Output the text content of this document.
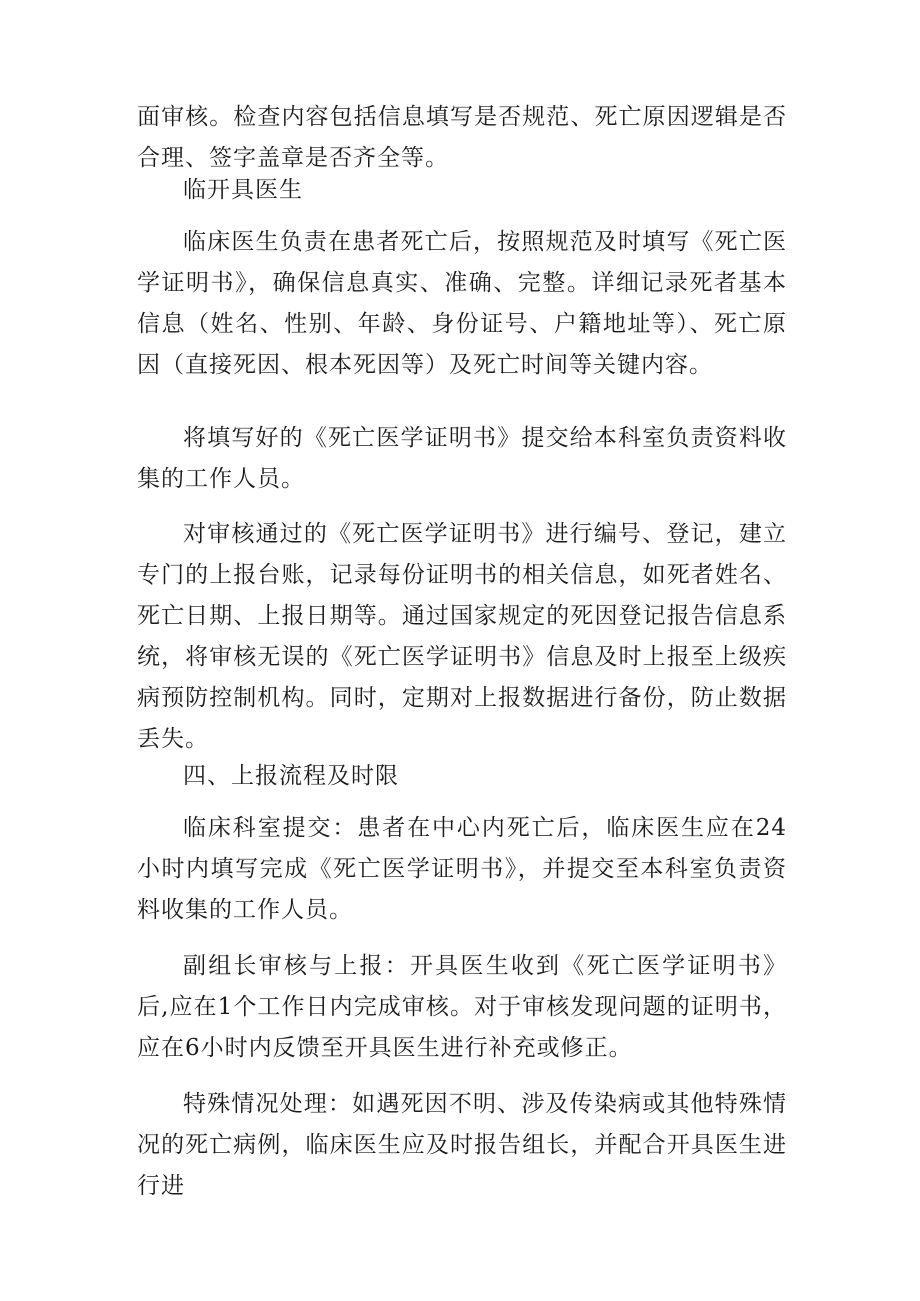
面审核。检查内容包括信息填写是否规范、死亡原因逻辑是否合理、签字盖章是否齐全等。

临开具医生

临床医生负责在患者死亡后，按照规范及时填写《死亡医学证明书》，确保信息真实、准确、完整。详细记录死者基本信息（姓名、性别、年龄、身份证号、户籍地址等）、死亡原因（直接死因、根本死因等）及死亡时间等关键内容。

将填写好的《死亡医学证明书》提交给本科室负责资料收集的工作人员。

对审核通过的《死亡医学证明书》进行编号、登记，建立专门的上报台账，记录每份证明书的相关信息，如死者姓名、死亡日期、上报日期等。通过国家规定的死因登记报告信息系统，将审核无误的《死亡医学证明书》信息及时上报至上级疾病预防控制机构。同时，定期对上报数据进行备份，防止数据丢失。

四、上报流程及时限

临床科室提交：患者在中心内死亡后，临床医生应在24小时内填写完成《死亡医学证明书》，并提交至本科室负责资料收集的工作人员。

副组长审核与上报：开具医生收到《死亡医学证明书》后,应在1个工作日内完成审核。对于审核发现问题的证明书，应在6小时内反馈至开具医生进行补充或修正。

特殊情况处理：如遇死因不明、涉及传染病或其他特殊情况的死亡病例，临床医生应及时报告组长，并配合开具医生进行进
